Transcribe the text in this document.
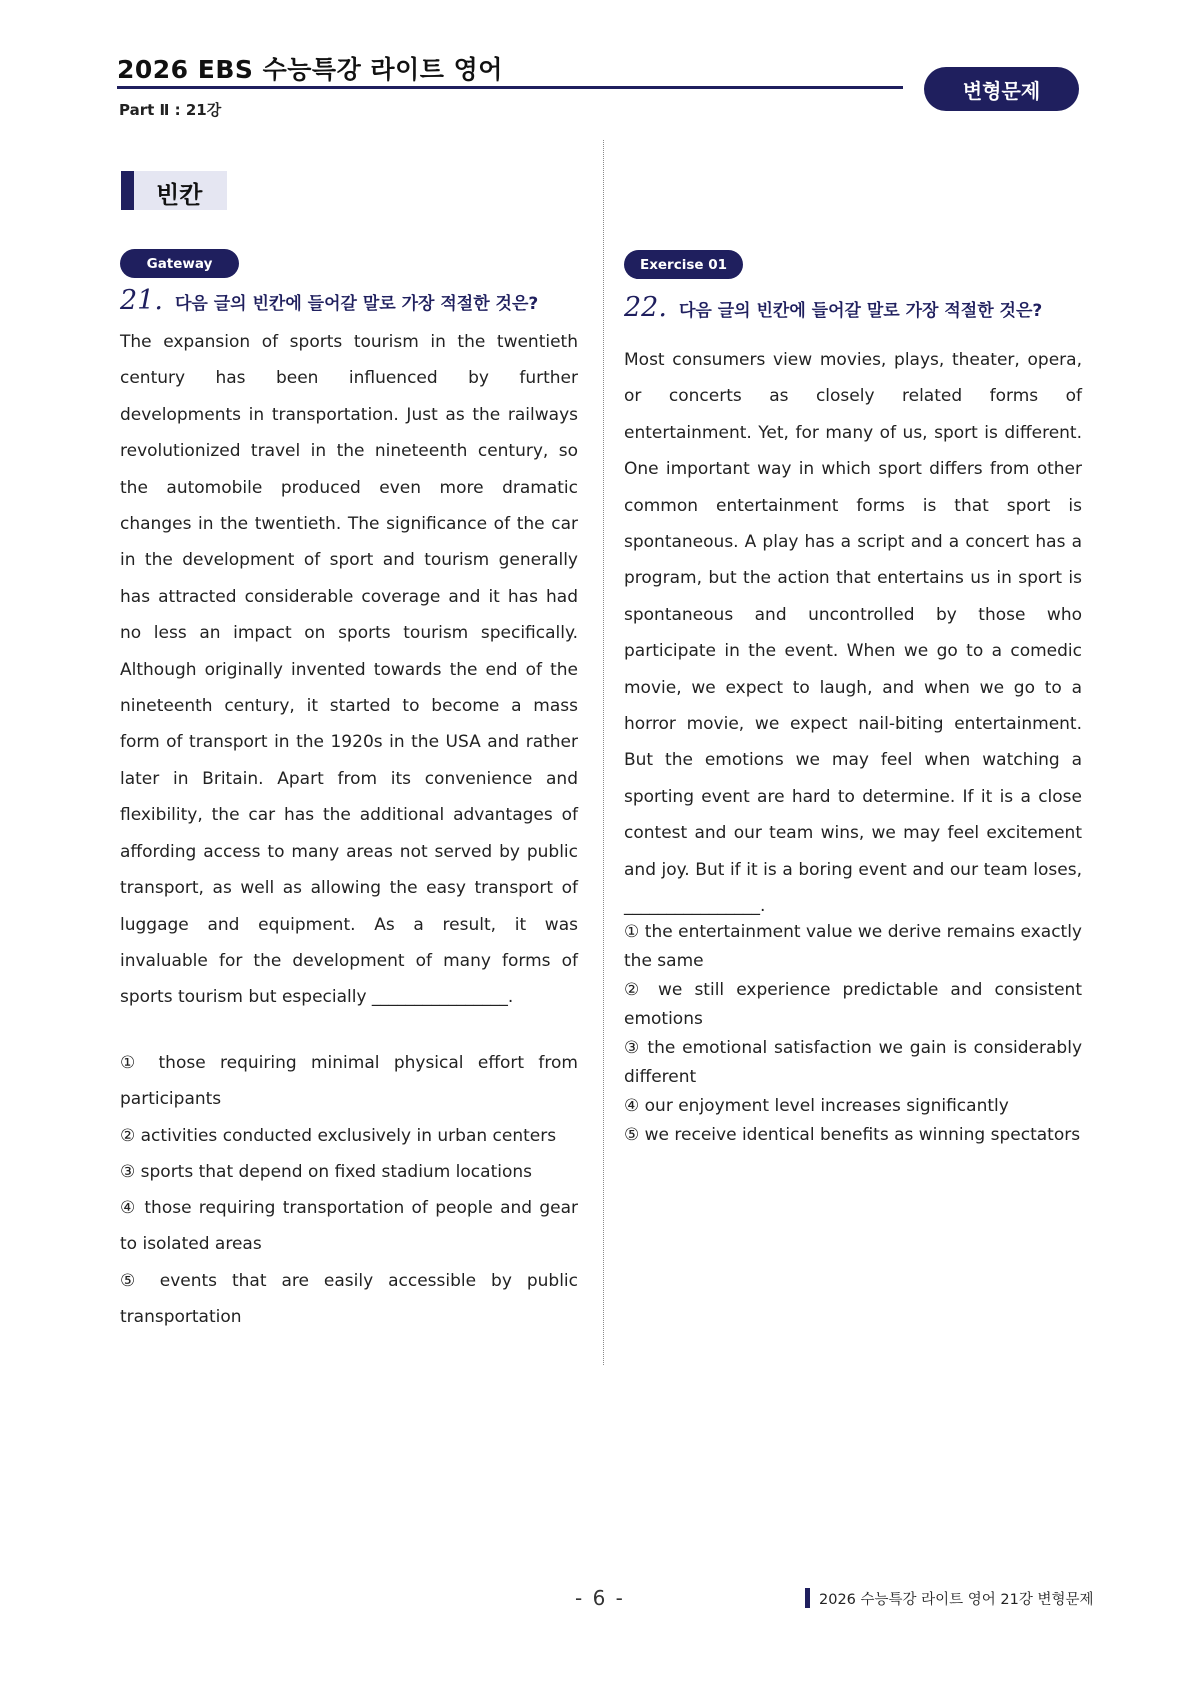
2026 EBS 수능특강 라이트 영어
Part Ⅱ : 21강
변형문제
빈칸
Gateway
21. 다음 글의 빈칸에 들어갈 말로 가장 적절한 것은?

The expansion of sports tourism in the twentieth century has been influenced by further developments in transportation. Just as the railways revolutionized travel in the nineteenth century, so the automobile produced even more dramatic changes in the twentieth. The significance of the car in the development of sport and tourism generally has attracted considerable coverage and it has had no less an impact on sports tourism specifically. Although originally invented towards the end of the nineteenth century, it started to become a mass form of transport in the 1920s in the USA and rather later in Britain. Apart from its convenience and flexibility, the car has the additional advantages of affording access to many areas not served by public transport, as well as allowing the easy transport of luggage and equipment. As a result, it was invaluable for the development of many forms of sports tourism but especially ________________.

① those requiring minimal physical effort from participants
② activities conducted exclusively in urban centers
③ sports that depend on fixed stadium locations
④ those requiring transportation of people and gear to isolated areas
⑤ events that are easily accessible by public transportation
Exercise 01
22. 다음 글의 빈칸에 들어갈 말로 가장 적절한 것은?

Most consumers view movies, plays, theater, opera, or concerts as closely related forms of entertainment. Yet, for many of us, sport is different. One important way in which sport differs from other common entertainment forms is that sport is spontaneous. A play has a script and a concert has a program, but the action that entertains us in sport is spontaneous and uncontrolled by those who participate in the event. When we go to a comedic movie, we expect to laugh, and when we go to a horror movie, we expect nail-biting entertainment. But the emotions we may feel when watching a sporting event are hard to determine. If it is a close contest and our team wins, we may feel excitement and joy. But if it is a boring event and our team loses, ________________.

① the entertainment value we derive remains exactly the same
② we still experience predictable and consistent emotions
③ the emotional satisfaction we gain is considerably different
④ our enjoyment level increases significantly
⑤ we receive identical benefits as winning spectators
- 6 -	2026 수능특강 라이트 영어 21강 변형문제
